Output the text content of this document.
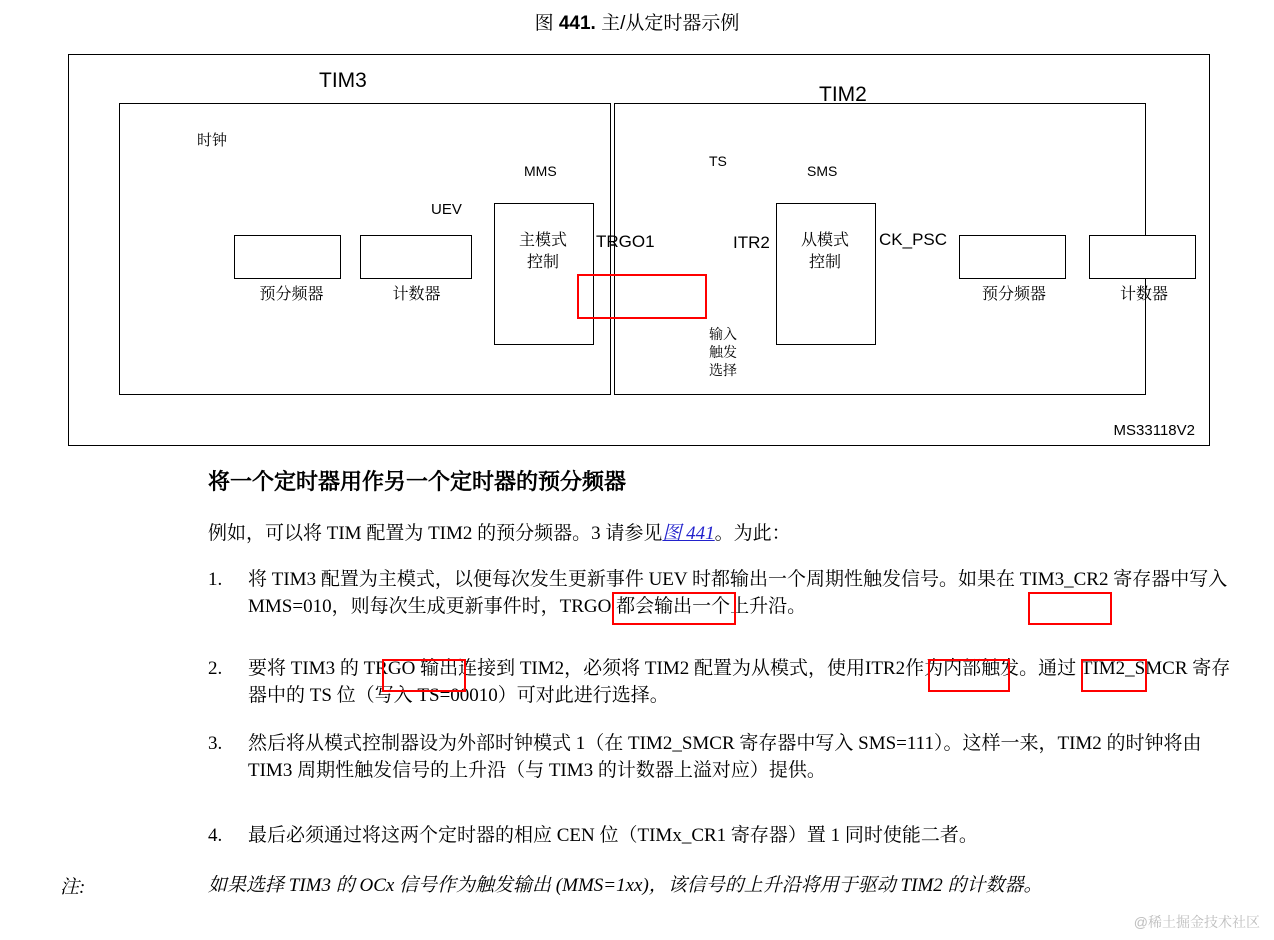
图 441. 主/从定时器示例
TIM3
TIM2
时钟
UEV
MMS
预分频器	计数器
主模式
控制
TRGO1
TS
SMS
ITR2	从模式
控制
CK_PSC
预分频器	计数器
输入
触发
选择
MS33118V2
将一个定时器用作另一个定时器的预分频器
例如，可以将 TIM 配置为 TIM2 的预分频器。3 请参见图 441。为此：
1.	将 TIM3 配置为主模式，以便每次发生更新事件 UEV 时都输出一个周期性触发信号。如果在 TIM3_CR2 寄存器中写入 MMS=010，则每次生成更新事件时，TRGO 都会输出一个上升沿。
2.	要将 TIM3 的 TRGO 输出连接到 TIM2，必须将 TIM2 配置为从模式，使用ITR2作为内部触发。通过 TIM2_SMCR 寄存器中的 TS 位（写入 TS=00010）可对此进行选择。
3.	然后将从模式控制器设为外部时钟模式 1（在 TIM2_SMCR 寄存器中写入 SMS=111）。这样一来，TIM2 的时钟将由 TIM3 周期性触发信号的上升沿（与 TIM3 的计数器上溢对应）提供。
4.	最后必须通过将这两个定时器的相应 CEN 位（TIMx_CR1 寄存器）置 1 同时使能二者。
注:	如果选择 TIM3 的 OCx 信号作为触发输出 (MMS=1xx)，该信号的上升沿将用于驱动 TIM2 的计数器。
@稀土掘金技术社区
